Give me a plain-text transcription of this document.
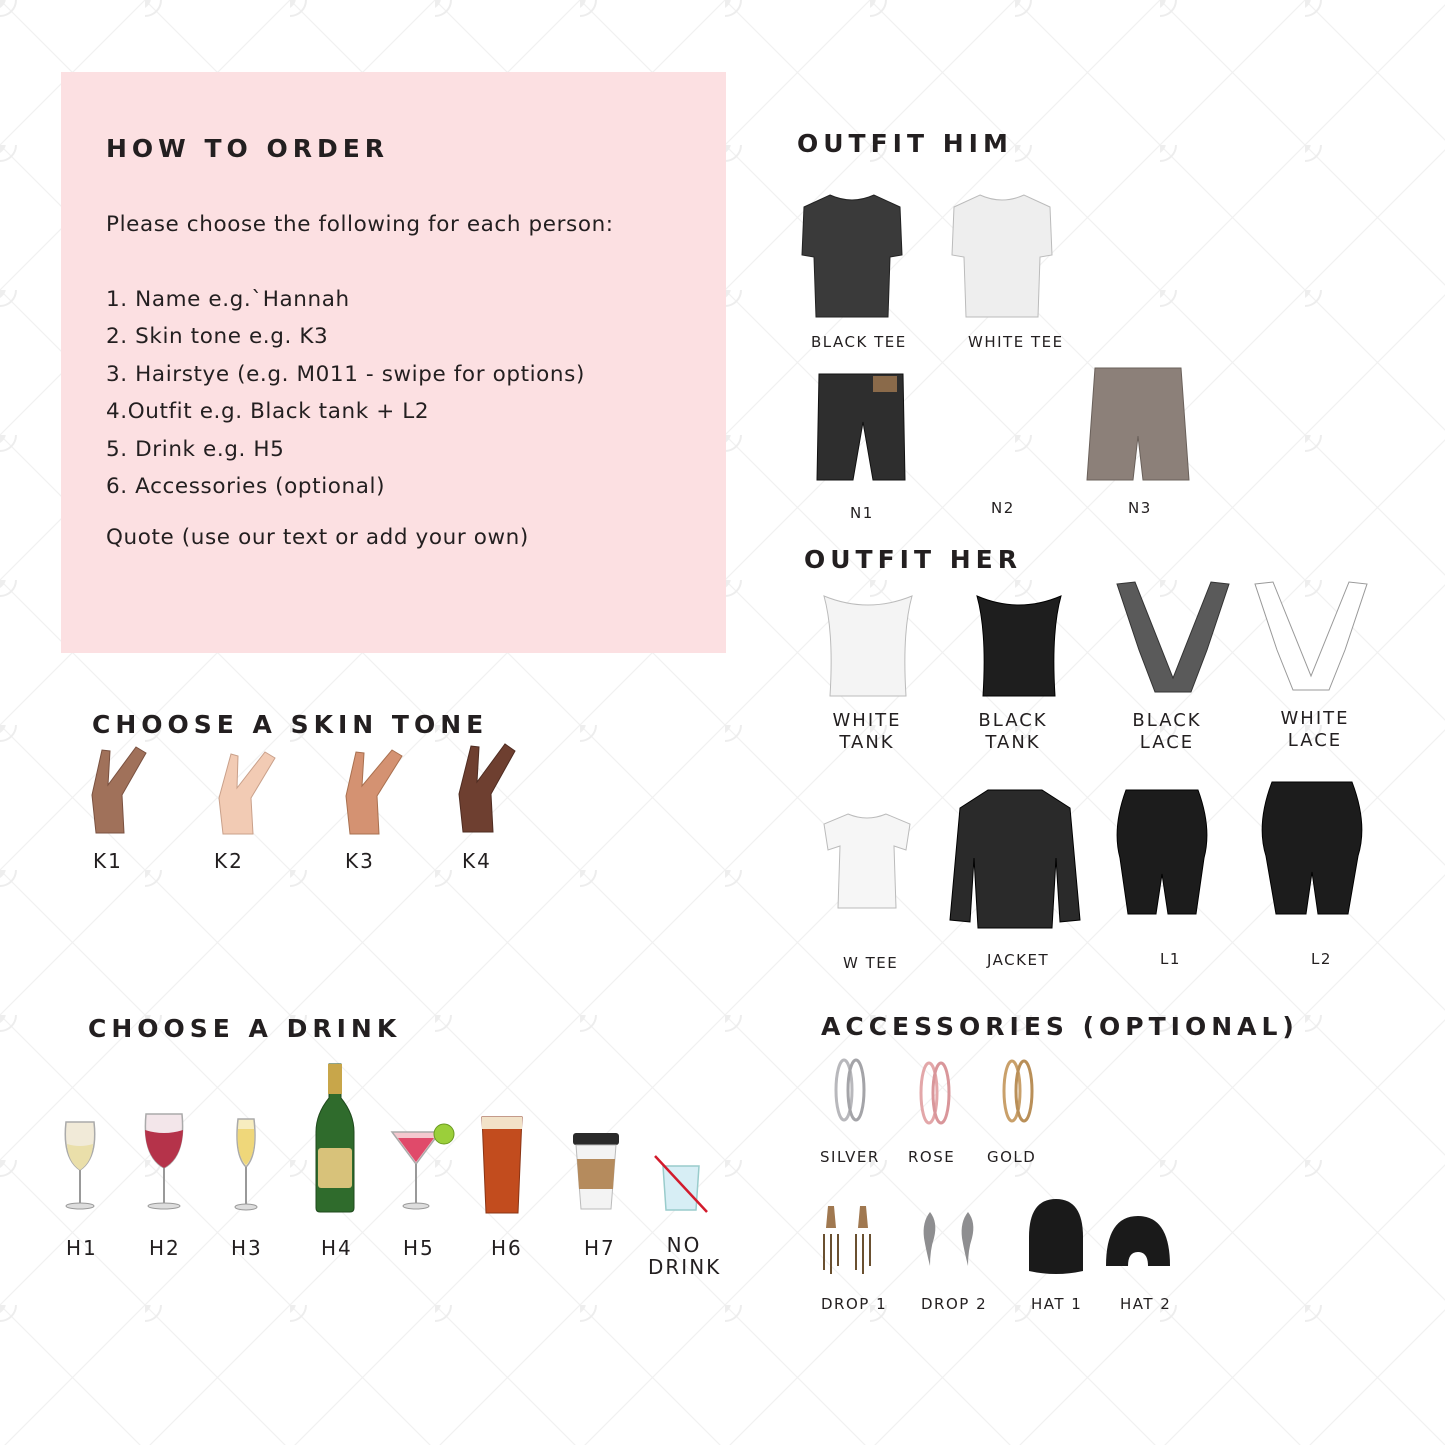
HOW TO ORDER
Please choose the following for each person:
1. Name e.g.`Hannah
2. Skin tone e.g. K3
3. Hairstye (e.g. M011 - swipe for options)
4.Outfit e.g. Black tank + L2
5. Drink e.g. H5
6. Accessories (optional)
Quote (use our text or add your own)
CHOOSE A SKIN TONE
K1	K2	K3	K4
CHOOSE A DRINK
H1	H2	H3	H4	H5	H6	H7	NO
DRINK
OUTFIT HIM
BLACK TEE	WHITE TEE
N1	N2	N3
OUTFIT HER
WHITE
TANK
BLACK
TANK
BLACK
LACE
WHITE
LACE
W TEE	JACKET	L1	L2
ACCESSORIES (OPTIONAL)
SILVER ROSE GOLD
DROP 1 DROP 2	HAT 1	HAT 2
